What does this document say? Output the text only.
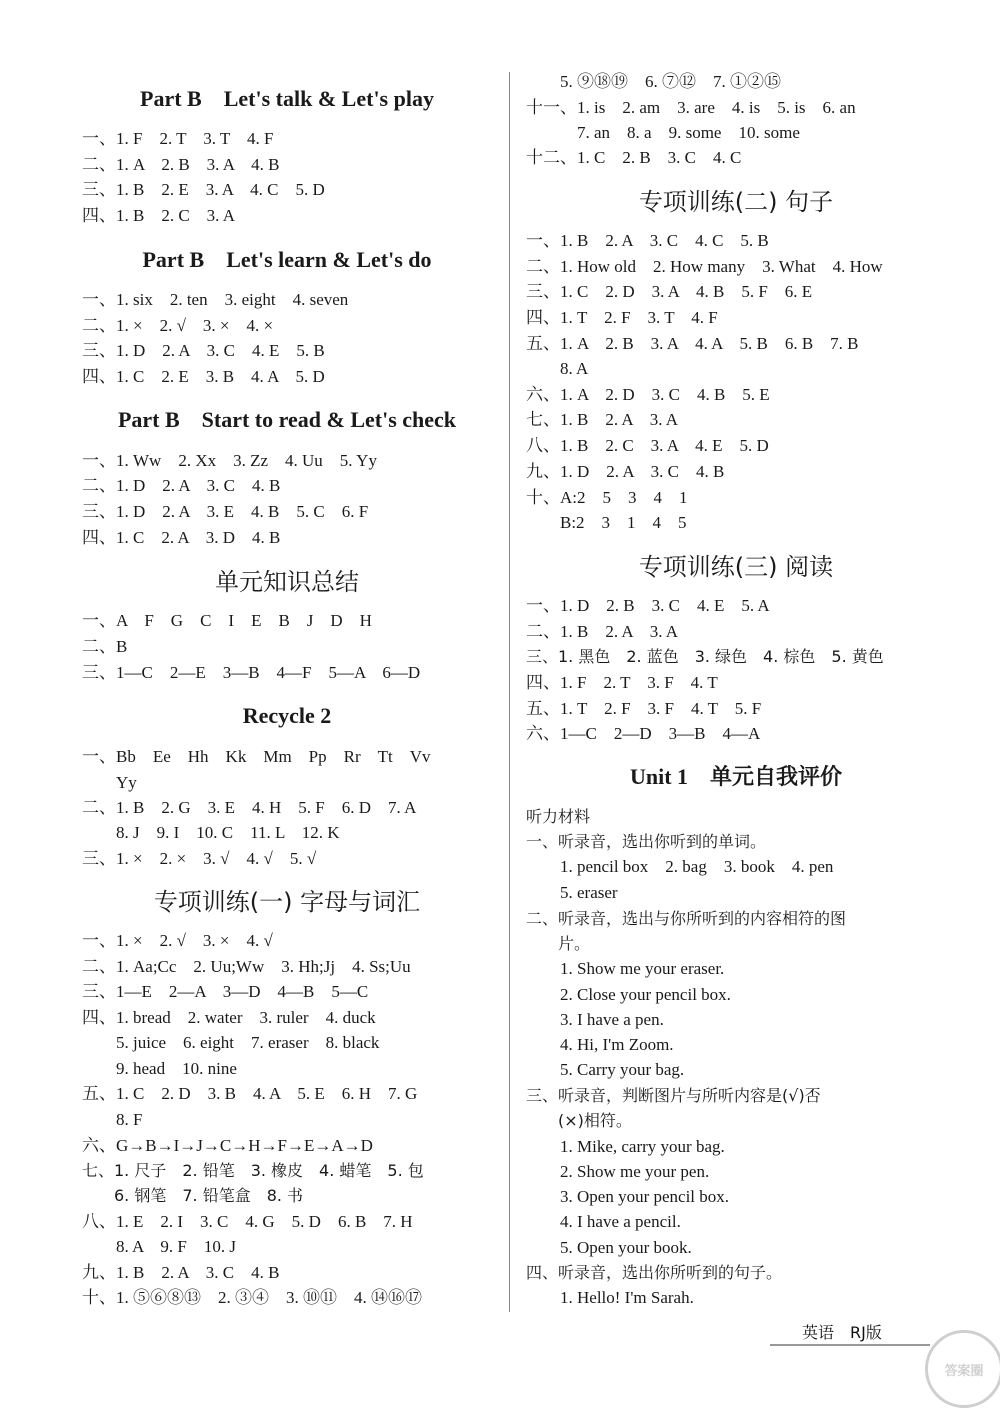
Part B　Let's talk & Let's play
一、1. F　2. T　3. T　4. F
二、1. A　2. B　3. A　4. B
三、1. B　2. E　3. A　4. C　5. D
四、1. B　2. C　3. A
Part B　Let's learn & Let's do
一、1. six　2. ten　3. eight　4. seven
二、1. ×　2. √　3. ×　4. ×
三、1. D　2. A　3. C　4. E　5. B
四、1. C　2. E　3. B　4. A　5. D
Part B　Start to read & Let's check
一、1. Ww　2. Xx　3. Zz　4. Uu　5. Yy
二、1. D　2. A　3. C　4. B
三、1. D　2. A　3. E　4. B　5. C　6. F
四、1. C　2. A　3. D　4. B
单元知识总结
一、A　F　G　C　I　E　B　J　D　H
二、B
三、1—C　2—E　3—B　4—F　5—A　6—D
Recycle 2
一、Bb　Ee　Hh　Kk　Mm　Pp　Rr　Tt　Vv
　　Yy
二、1. B　2. G　3. E　4. H　5. F　6. D　7. A
　　8. J　9. I　10. C　11. L　12. K
三、1. ×　2. ×　3. √　4. √　5. √
专项训练(一) 字母与词汇
一、1. ×　2. √　3. ×　4. √
二、1. Aa;Cc　2. Uu;Ww　3. Hh;Jj　4. Ss;Uu
三、1—E　2—A　3—D　4—B　5—C
四、1. bread　2. water　3. ruler　4. duck
　　5. juice　6. eight　7. eraser　8. black
　　9. head　10. nine
五、1. C　2. D　3. B　4. A　5. E　6. H　7. G
　　8. F
六、G→B→I→J→C→H→F→E→A→D
七、1. 尺子　2. 铅笔　3. 橡皮　4. 蜡笔　5. 包
　　6. 钢笔　7. 铅笔盒　8. 书
八、1. E　2. I　3. C　4. G　5. D　6. B　7. H
　　8. A　9. F　10. J
九、1. B　2. A　3. C　4. B
十、1. ⑤⑥⑧⑬　2. ③④　3. ⑩⑪　4. ⑭⑯⑰
　　5. ⑨⑱⑲　6. ⑦⑫　7. ①②⑮
十一、1. is　2. am　3. are　4. is　5. is　6. an
　　　7. an　8. a　9. some　10. some
十二、1. C　2. B　3. C　4. C
专项训练(二) 句子
一、1. B　2. A　3. C　4. C　5. B
二、1. How old　2. How many　3. What　4. How
三、1. C　2. D　3. A　4. B　5. F　6. E
四、1. T　2. F　3. T　4. F
五、1. A　2. B　3. A　4. A　5. B　6. B　7. B
　　8. A
六、1. A　2. D　3. C　4. B　5. E
七、1. B　2. A　3. A
八、1. B　2. C　3. A　4. E　5. D
九、1. D　2. A　3. C　4. B
十、A:2　5　3　4　1
　　B:2　3　1　4　5
专项训练(三) 阅读
一、1. D　2. B　3. C　4. E　5. A
二、1. B　2. A　3. A
三、1. 黑色　2. 蓝色　3. 绿色　4. 棕色　5. 黄色
四、1. F　2. T　3. F　4. T
五、1. T　2. F　3. F　4. T　5. F
六、1—C　2—D　3—B　4—A
Unit 1　单元自我评价
听力材料
一、听录音，选出你听到的单词。
　　1. pencil box　2. bag　3. book　4. pen
　　5. eraser
二、听录音，选出与你所听到的内容相符的图
　　片。
　　1. Show me your eraser.
　　2. Close your pencil box.
　　3. I have a pen.
　　4. Hi, I'm Zoom.
　　5. Carry your bag.
三、听录音，判断图片与所听内容是(√)否
　　(×)相符。
　　1. Mike, carry your bag.
　　2. Show me your pen.
　　3. Open your pencil box.
　　4. I have a pencil.
　　5. Open your book.
四、听录音，选出你所听到的句子。
　　1. Hello! I'm Sarah.
英语　RJ版
答案圈
